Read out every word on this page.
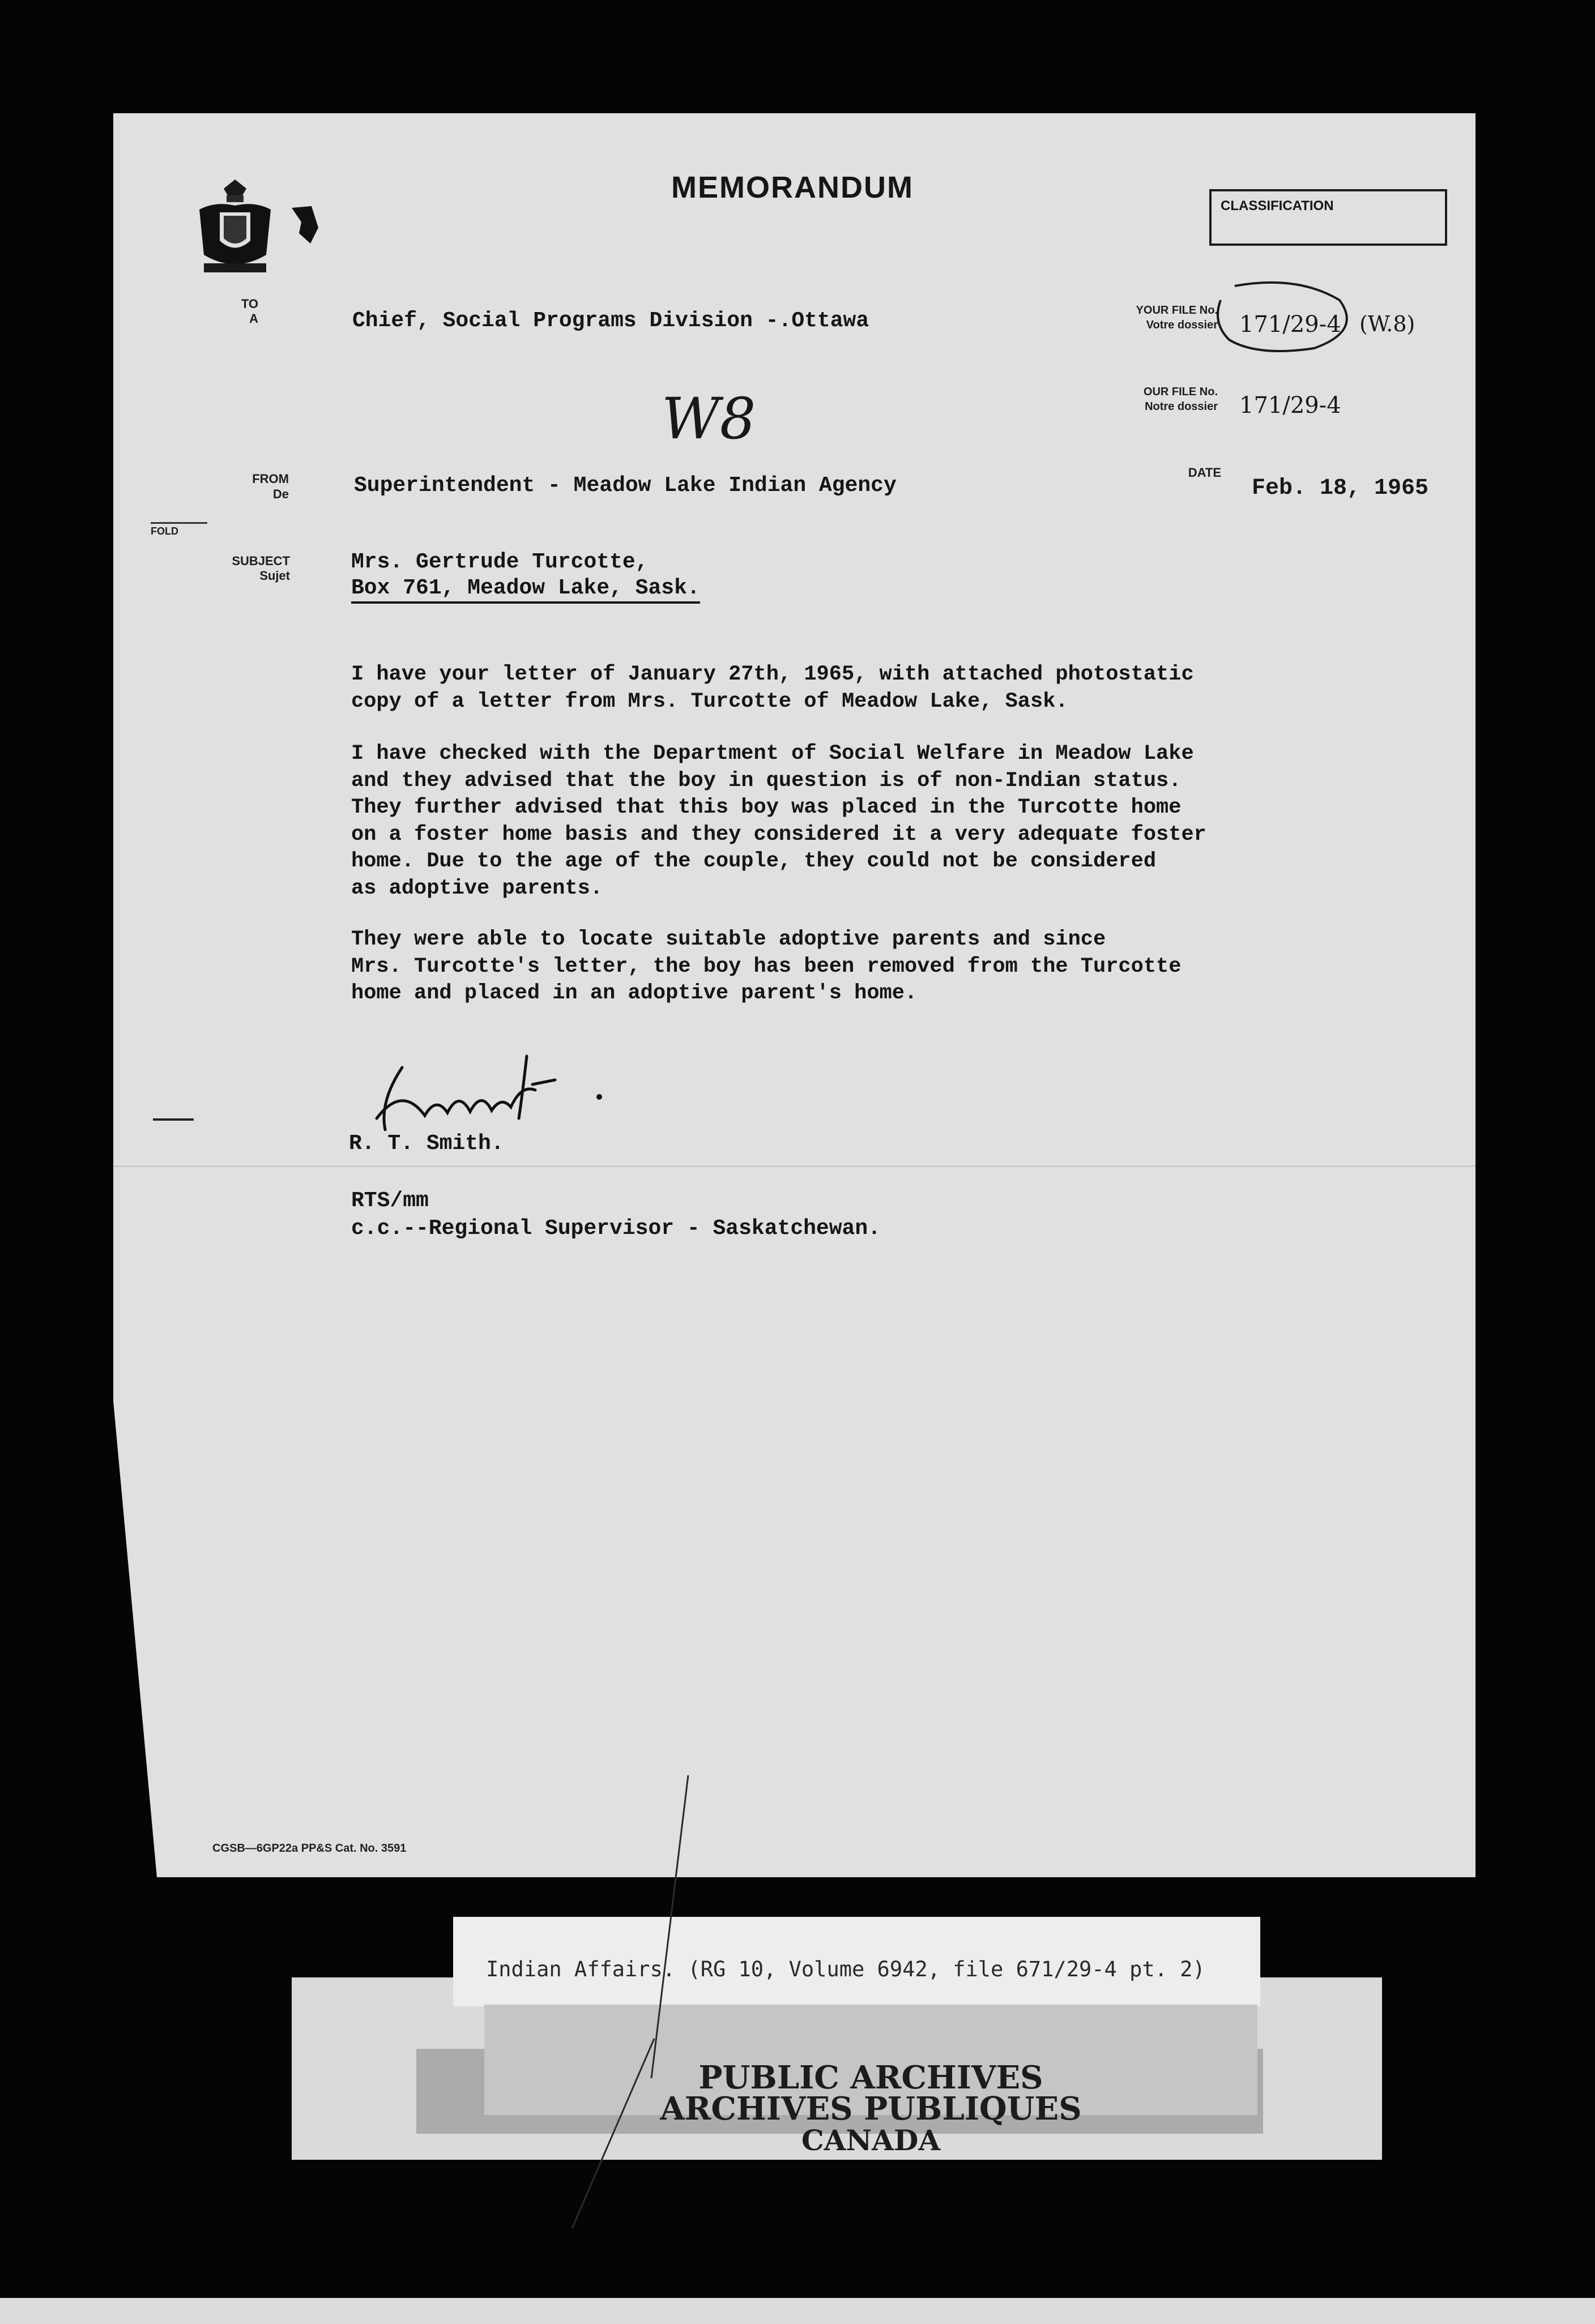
MEMORANDUM
CLASSIFICATION
TO
A	Chief, Social Programs Division -.Ottawa	YOUR FILE No.
Votre dossier 171/29-4 (W.8)
OUR FILE No.
Notre dossier 171/29-4
W8
FROM
De	Superintendent - Meadow Lake Indian Agency
DATE
Feb. 18, 1965
FOLD
SUBJECT
Sujet
Mrs. Gertrude Turcotte,
Box 761, Meadow Lake, Sask.
I have your letter of January 27th, 1965, with attached photostatic
copy of a letter from Mrs. Turcotte of Meadow Lake, Sask.
I have checked with the Department of Social Welfare in Meadow Lake
and they advised that the boy in question is of non-Indian status.
They further advised that this boy was placed in the Turcotte home
on a foster home basis and they considered it a very adequate foster
home. Due to the age of the couple, they could not be considered
as adoptive parents.
They were able to locate suitable adoptive parents and since
Mrs. Turcotte's letter, the boy has been removed from the Turcotte
home and placed in an adoptive parent's home.
R. T. Smith.
RTS/mm
c.c.--Regional Supervisor - Saskatchewan.
CGSB—6GP22a PP&S Cat. No. 3591
Indian Affairs. (RG 10, Volume 6942, file 671/29-4 pt. 2)
PUBLIC ARCHIVES
ARCHIVES PUBLIQUES
CANADA
